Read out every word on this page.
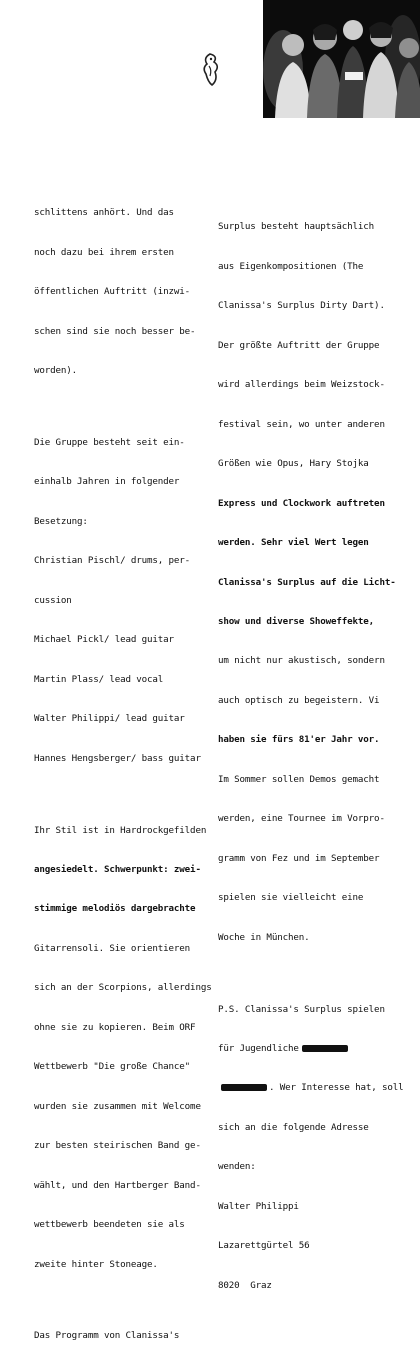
schlittens anhört. Und das

noch dazu bei ihrem ersten

öffentlichen Auftritt (inzwi-

schen sind sie noch besser be-

worden).

Die Gruppe besteht seit ein-

einhalb Jahren in folgender

Besetzung:

Christian Pischl/ drums, per-

cussion

Michael Pickl/ lead guitar

Martin Plass/ lead vocal

Walter Philippi/ lead guitar

Hannes Hengsberger/ bass guitar

Ihr Stil ist in Hardrockgefilden

angesiedelt. Schwerpunkt: zwei-

stimmige melodiös dargebrachte

Gitarrensoli. Sie orientieren

sich an der Scorpions, allerdings

ohne sie zu kopieren. Beim ORF

Wettbewerb "Die große Chance"

wurden sie zusammen mit Welcome

zur besten steirischen Band ge-

wählt, und den Hartberger Band-

wettbewerb beendeten sie als

zweite hinter Stoneage.

Das Programm von Clanissa's

Surplus besteht hauptsächlich

aus Eigenkompositionen (The

Clanissa's Surplus Dirty Dart).

Der größte Auftritt der Gruppe

wird allerdings beim Weizstock-

festival sein, wo unter anderen

Größen wie Opus, Hary Stojka

Express und Clockwork auftreten

werden. Sehr viel Wert legen

Clanissa's Surplus auf die Licht-

show und diverse Showeffekte,

um nicht nur akustisch, sondern

auch optisch zu begeistern. Vi

haben sie fürs 81'er Jahr vor.

Im Sommer sollen Demos gemacht

werden, eine Tournee im Vorpro-

gramm von Fez und im September

spielen sie vielleicht eine

Woche in München.

P.S. Clanissa's Surplus spielen

für Jugendliche

. Wer Interesse hat, soll

sich an die folgende Adresse

wenden:

Walter Philippi

Lazarettgürtel 56

8020  Graz
